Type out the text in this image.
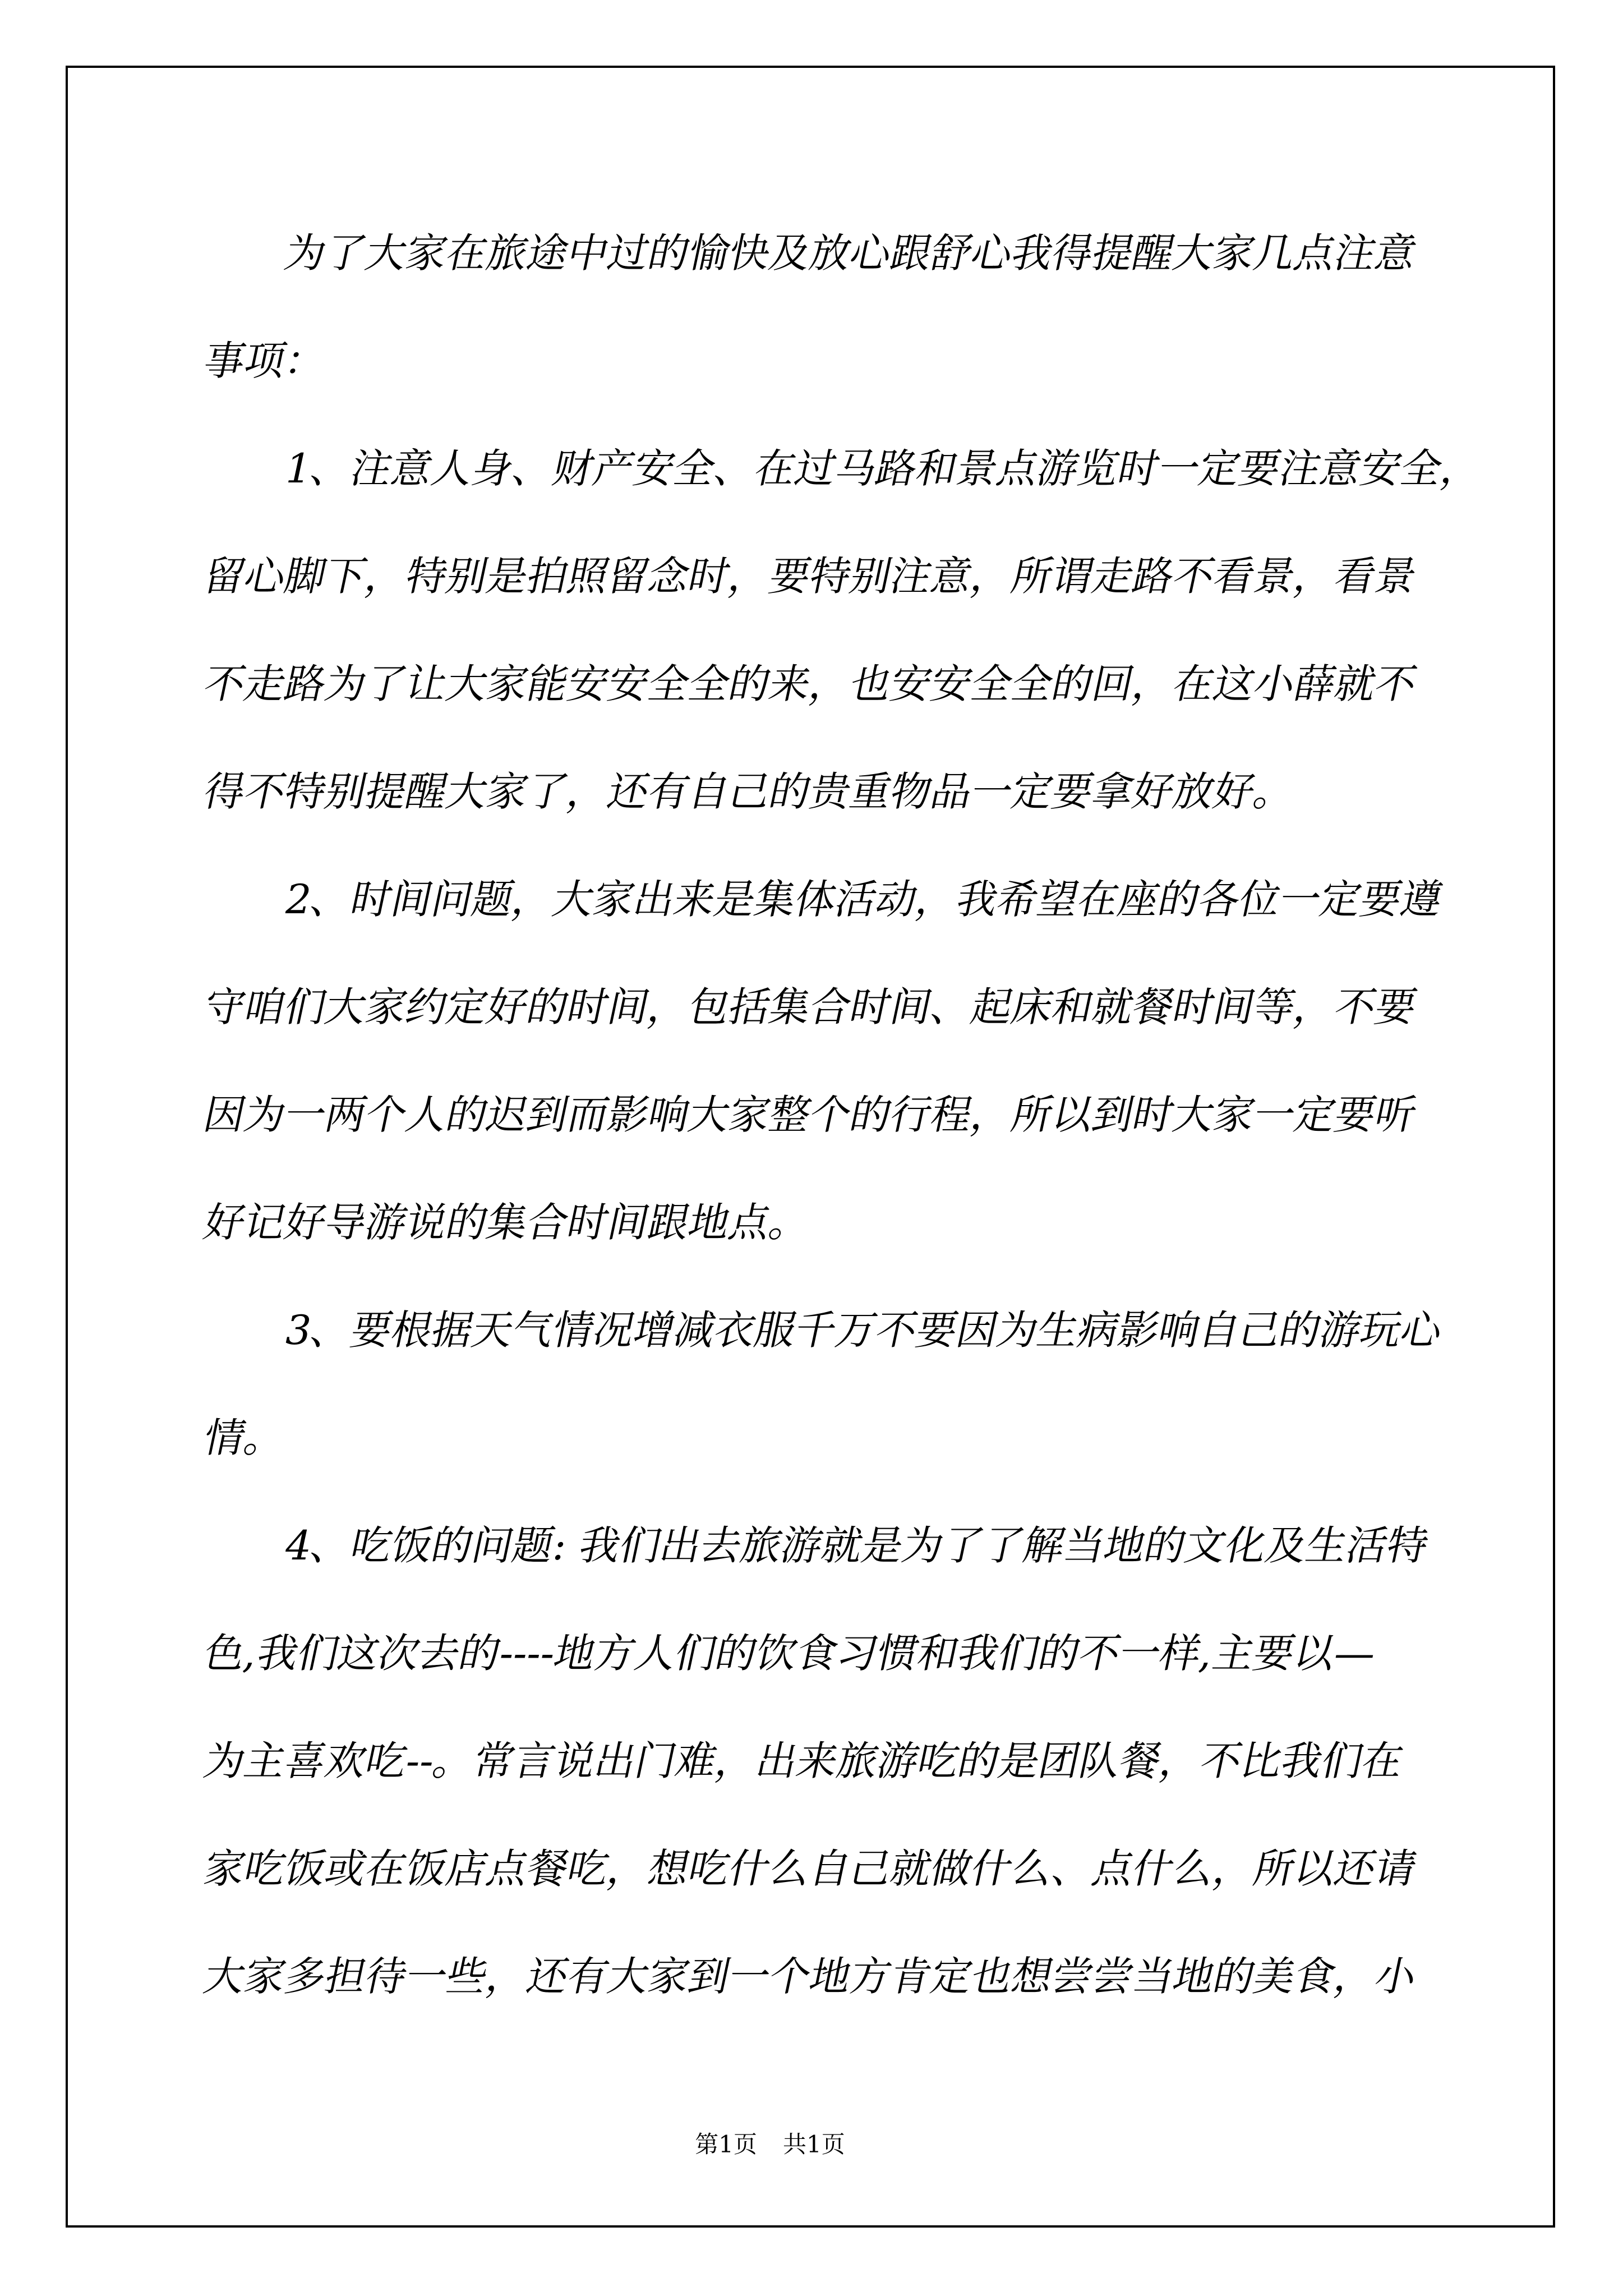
为了大家在旅途中过的愉快及放心跟舒心我得提醒大家几点注意
事项：
1、注意人身、财产安全、在过马路和景点游览时一定要注意安全，
留心脚下，特别是拍照留念时，要特别注意，所谓走路不看景，看景
不走路为了让大家能安安全全的来，也安安全全的回，在这小薛就不
得不特别提醒大家了，还有自己的贵重物品一定要拿好放好。
2、时间问题，大家出来是集体活动，我希望在座的各位一定要遵
守咱们大家约定好的时间，包括集合时间、起床和就餐时间等，不要
因为一两个人的迟到而影响大家整个的行程，所以到时大家一定要听
好记好导游说的集合时间跟地点。
3、要根据天气情况增减衣服千万不要因为生病影响自己的游玩心
情。
4、吃饭的问题: 我们出去旅游就是为了了解当地的文化及生活特
色,我们这次去的----地方人们的饮食习惯和我们的不一样,主要以—
为主喜欢吃--。常言说出门难，出来旅游吃的是团队餐，不比我们在
家吃饭或在饭店点餐吃，想吃什么自己就做什么、点什么，所以还请
大家多担待一些，还有大家到一个地方肯定也想尝尝当地的美食，小
第1页 共1页
